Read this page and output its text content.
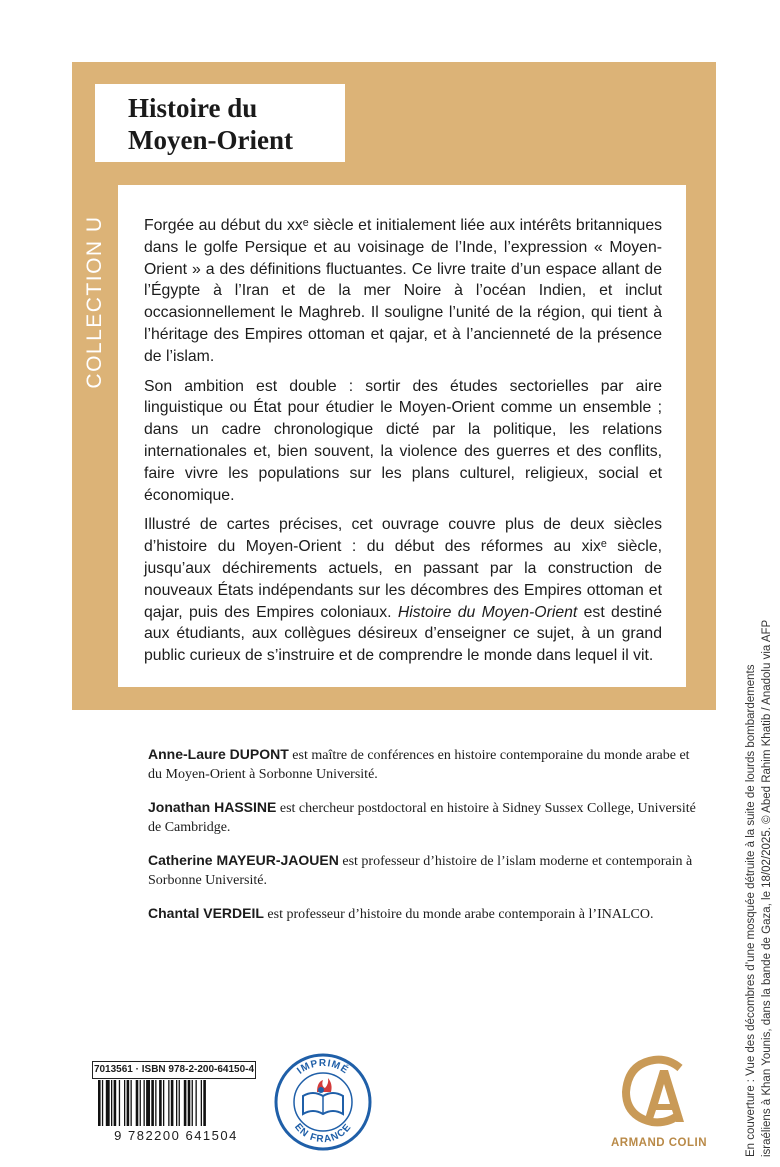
Histoire du
Moyen-Orient
COLLECTION U Forgée au début du xxᵉ siècle et initialement liée aux intérêts britanniques dans le golfe Persique et au voisinage de l’Inde, l’expression « Moyen-Orient » a des définitions fluctuantes. Ce livre traite d’un espace allant de l’Égypte à l’Iran et de la mer Noire à l’océan Indien, et inclut occasionnellement le Maghreb. Il souligne l’unité de la région, qui tient à l’héritage des Empires ottoman et qajar, et à l’ancienneté de la présence de l’islam.

Son ambition est double : sortir des études sectorielles par aire linguistique ou État pour étudier le Moyen-Orient comme un ensemble ; dans un cadre chronologique dicté par la politique, les relations internationales et, bien souvent, la violence des guerres et des conflits, faire vivre les populations sur les plans culturel, religieux, social et économique.

Illustré de cartes précises, cet ouvrage couvre plus de deux siècles d’histoire du Moyen-Orient : du début des réformes au xixᵉ siècle, jusqu’aux déchirements actuels, en passant par la construction de nouveaux États indépendants sur les décombres des Empires ottoman et qajar, puis des Empires coloniaux. Histoire du Moyen-Orient est destiné aux étudiants, aux collègues désireux d’enseigner ce sujet, à un grand public curieux de s’instruire et de comprendre le monde dans lequel il vit.

Anne-Laure DUPONT est maître de conférences en histoire contemporaine du monde arabe et du Moyen-Orient à Sorbonne Université.

Jonathan HASSINE est chercheur postdoctoral en histoire à Sidney Sussex College, Université de Cambridge.

Catherine MAYEUR-JAOUEN est professeur d’histoire de l’islam moderne et contemporain à Sorbonne Université.

Chantal VERDEIL est professeur d’histoire du monde arabe contemporain à l’INALCO.	En couverture : Vue des décombres d’une mosquée détruite à la suite de lourds bombardements israéliens à Khan Younis, dans la bande de Gaza, le 18/02/2025. © Abed Rahim Khatib / Anadolu via AFP
7013561 · ISBN 978-2-200-64150-4
9 782200 641504
IMPRIMÉ
EN FRANCE
ARMAND COLIN
